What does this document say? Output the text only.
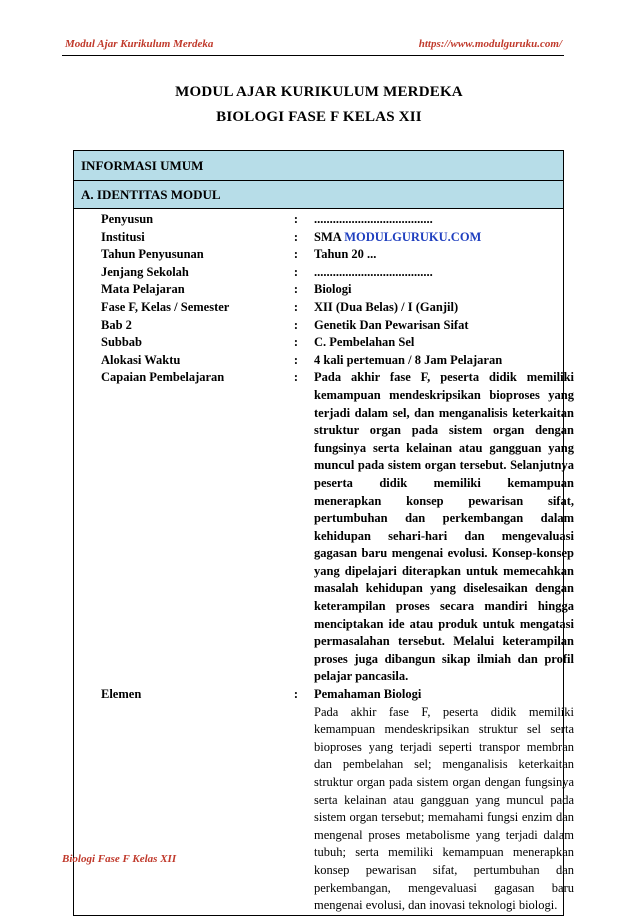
Modul Ajar Kurikulum Merdeka	https://www.modulguruku.com/
MODUL AJAR KURIKULUM MERDEKA
BIOLOGI FASE F KELAS XII
INFORMASI UMUM
A. IDENTITAS MODUL
Penyusun	:	......................................
Institusi	:	SMA MODULGURUKU.COM
Tahun Penyusunan	:	Tahun 20 ...
Jenjang Sekolah	:	......................................
Mata Pelajaran	:	Biologi
Fase F, Kelas / Semester	:	XII (Dua Belas) / I (Ganjil)
Bab 2	:	Genetik Dan Pewarisan Sifat
Subbab	:	C. Pembelahan Sel
Alokasi Waktu	:	4 kali pertemuan / 8 Jam Pelajaran
Capaian Pembelajaran	:	Pada akhir fase F, peserta didik memiliki kemampuan mendeskripsikan bioproses yang terjadi dalam sel, dan menganalisis keterkaitan struktur organ pada sistem organ dengan fungsinya serta kelainan atau gangguan yang muncul pada sistem organ tersebut. Selanjutnya peserta didik memiliki kemampuan menerapkan konsep pewarisan sifat, pertumbuhan dan perkembangan dalam kehidupan sehari-hari dan mengevaluasi gagasan baru mengenai evolusi. Konsep-konsep yang dipelajari diterapkan untuk memecahkan masalah kehidupan yang diselesaikan dengan keterampilan proses secara mandiri hingga menciptakan ide atau produk untuk mengatasi permasalahan tersebut. Melalui keterampilan proses juga dibangun sikap ilmiah dan profil pelajar pancasila.
Elemen	:	Pemahaman Biologi
Pada akhir fase F, peserta didik memiliki kemampuan mendeskripsikan struktur sel serta bioproses yang terjadi seperti transpor membran dan pembelahan sel; menganalisis keterkaitan struktur organ pada sistem organ dengan fungsinya serta kelainan atau gangguan yang muncul pada sistem organ tersebut; memahami fungsi enzim dan mengenal proses metabolisme yang terjadi dalam tubuh; serta memiliki kemampuan menerapkan konsep pewarisan sifat, pertumbuhan dan perkembangan, mengevaluasi gagasan baru mengenai evolusi, dan inovasi teknologi biologi.
Biologi Fase F Kelas XII
